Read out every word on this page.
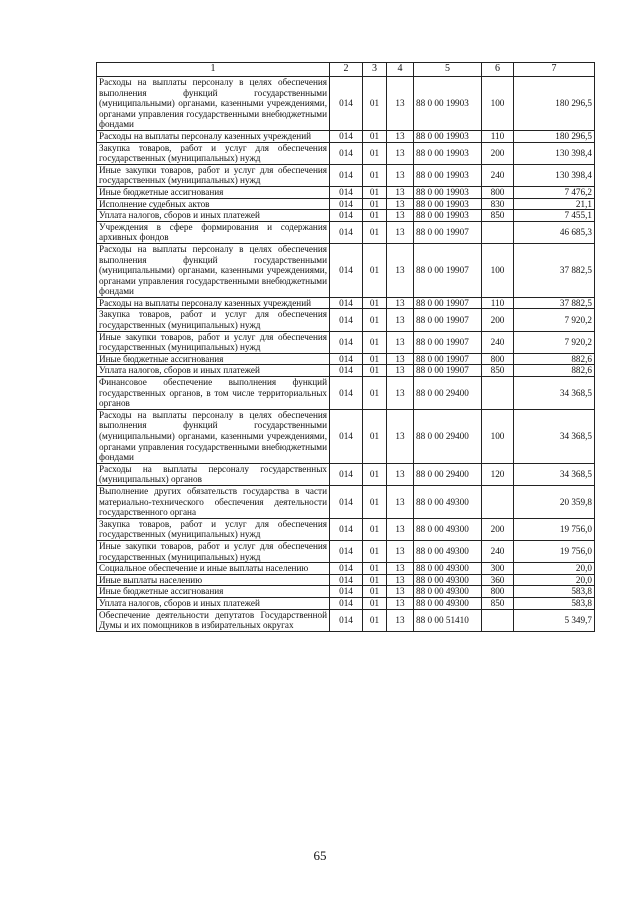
1	2	3	4	5	6	7
Расходы на выплаты персоналу в целях обеспечения выполнения функций государственными (муниципальными) органами, казенными учреждениями, органами управления государственными внебюджетными фондами	014	01	13	88 0 00 19903	100	180 296,5
Расходы на выплаты персоналу казенных учреждений	014	01	13	88 0 00 19903	110	180 296,5
Закупка товаров, работ и услуг для обеспечения государственных (муниципальных) нужд	014	01	13	88 0 00 19903	200	130 398,4
Иные закупки товаров, работ и услуг для обеспечения государственных (муниципальных) нужд	014	01	13	88 0 00 19903	240	130 398,4
Иные бюджетные ассигнования	014	01	13	88 0 00 19903	800	7 476,2
Исполнение судебных актов	014	01	13	88 0 00 19903	830	21,1
Уплата налогов, сборов и иных платежей	014	01	13	88 0 00 19903	850	7 455,1
Учреждения в сфере формирования и содержания архивных фондов	014	01	13	88 0 00 19907		46 685,3
Расходы на выплаты персоналу в целях обеспечения выполнения функций государственными (муниципальными) органами, казенными учреждениями, органами управления государственными внебюджетными фондами	014	01	13	88 0 00 19907	100	37 882,5
Расходы на выплаты персоналу казенных учреждений	014	01	13	88 0 00 19907	110	37 882,5
Закупка товаров, работ и услуг для обеспечения государственных (муниципальных) нужд	014	01	13	88 0 00 19907	200	7 920,2
Иные закупки товаров, работ и услуг для обеспечения государственных (муниципальных) нужд	014	01	13	88 0 00 19907	240	7 920,2
Иные бюджетные ассигнования	014	01	13	88 0 00 19907	800	882,6
Уплата налогов, сборов и иных платежей	014	01	13	88 0 00 19907	850	882,6
Финансовое обеспечение выполнения функций государственных органов, в том числе территориальных органов	014	01	13	88 0 00 29400		34 368,5
Расходы на выплаты персоналу в целях обеспечения выполнения функций государственными (муниципальными) органами, казенными учреждениями, органами управления государственными внебюджетными фондами	014	01	13	88 0 00 29400	100	34 368,5
Расходы на выплаты персоналу государственных (муниципальных) органов	014	01	13	88 0 00 29400	120	34 368,5
Выполнение других обязательств государства в части материально-технического обеспечения деятельности государственного органа	014	01	13	88 0 00 49300		20 359,8
Закупка товаров, работ и услуг для обеспечения государственных (муниципальных) нужд	014	01	13	88 0 00 49300	200	19 756,0
Иные закупки товаров, работ и услуг для обеспечения государственных (муниципальных) нужд	014	01	13	88 0 00 49300	240	19 756,0
Социальное обеспечение и иные выплаты населению	014	01	13	88 0 00 49300	300	20,0
Иные выплаты населению	014	01	13	88 0 00 49300	360	20,0
Иные бюджетные ассигнования	014	01	13	88 0 00 49300	800	583,8
Уплата налогов, сборов и иных платежей	014	01	13	88 0 00 49300	850	583,8
Обеспечение деятельности депутатов Государственной Думы и их помощников в избирательных округах	014	01	13	88 0 00 51410		5 349,7
65
